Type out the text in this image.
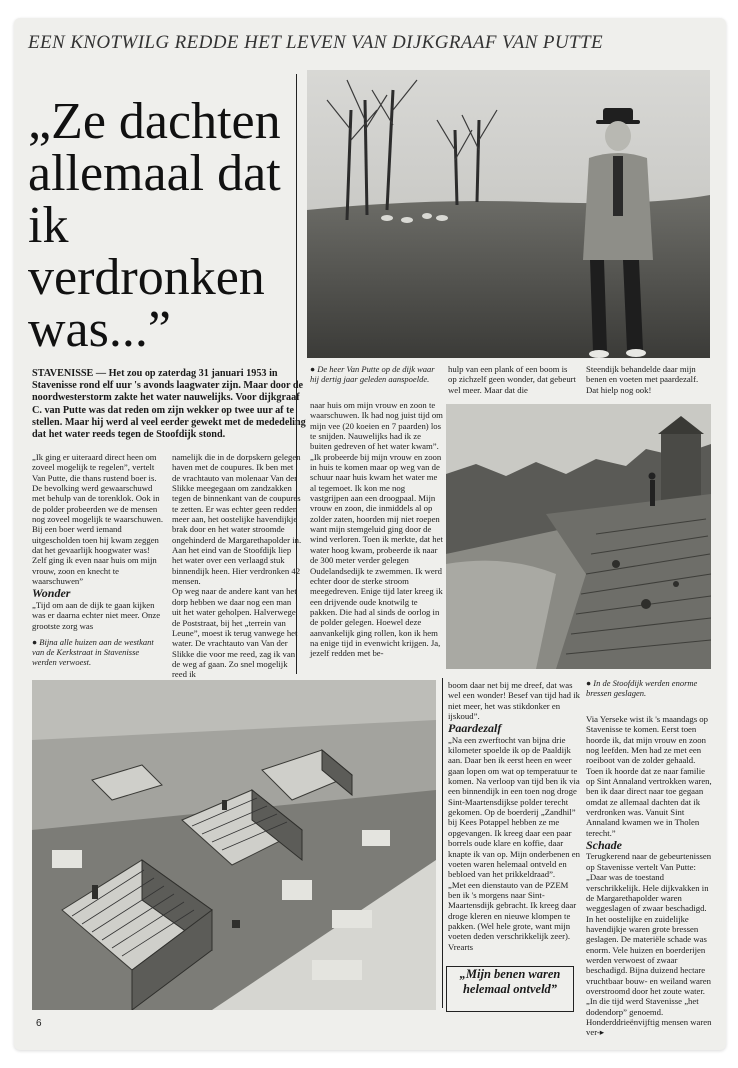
EEN KNOTWILG REDDE HET LEVEN VAN DIJKGRAAF VAN PUTTE
„Ze dachten allemaal dat ik verdronken was...”
STAVENISSE — Het zou op zaterdag 31 januari 1953 in Stavenisse rond elf uur 's avonds laagwater zijn. Maar door de noordwesterstorm zakte het water nauwelijks. Voor dijkgraaf C. van Putte was dat reden om zijn wekker op twee uur af te stellen. Maar hij werd al veel eerder gewekt met de mededeling dat het water reeds tegen de Stoofdijk stond.

„Ik ging er uiteraard direct heen om zoveel mogelijk te regelen”, vertelt Van Putte, die thans rustend boer is. De bevolking werd gewaarschuwd met behulp van de torenklok. Ook in de polder probeerden we de mensen nog zoveel mogelijk te waarschuwen. Bij een boer werd iemand uitgescholden toen hij kwam zeggen dat het gevaarlijk hoogwater was! Zelf ging ik even naar huis om mijn vrouw, zoon en knecht te waarschuwen”

Wonder

„Tijd om aan de dijk te gaan kijken was er daarna echter niet meer. Onze grootste zorg was

● Bijna alle huizen aan de westkant van de Kerkstraat in Stavenisse werden verwoest.

namelijk die in de dorpskern gelegen haven met de coupures. Ik ben met de vrachtauto van molenaar Van der Slikke meegegaan om zandzakken tegen de binnenkant van de coupures te zetten. Er was echter geen redden meer aan, het oostelijke havendijkje brak door en het water stroomde ongehinderd de Margarethapolder in. Aan het eind van de Stoofdijk liep het water over een verlaagd stuk binnendijk heen. Hier verdronken 42 mensen.

Op weg naar de andere kant van het dorp hebben we daar nog een man uit het water geholpen. Halverwege de Poststraat, bij het „terrein van Leune”, moest ik terug vanwege het water. De vrachtauto van Van der Slikke die voor me reed, zag ik van de weg af gaan. Zo snel mogelijk reed ik

● De heer Van Putte op de dijk waar hij dertig jaar geleden aanspoelde.

naar huis om mijn vrouw en zoon te waarschuwen. Ik had nog juist tijd om mijn vee (20 koeien en 7 paarden) los te snijden. Nauwelijks had ik ze buiten gedreven of het water kwam”.

„Ik probeerde bij mijn vrouw en zoon in huis te komen maar op weg van de schuur naar huis kwam het water me al tegemoet. Ik kon me nog vastgrijpen aan een droogpaal. Mijn vrouw en zoon, die inmiddels al op zolder zaten, hoorden mij niet roepen want mijn stemgeluid ging door de wind verloren. Toen ik merkte, dat het water hoog kwam, probeerde ik naar de 300 meter verder gelegen Oudelandsedijk te zwemmen. Ik werd echter door de sterke stroom meegedreven. Enige tijd later kreeg ik een drijvende oude knotwilg te pakken. Die had al sinds de oorlog in de polder gelegen. Hoewel deze aanvankelijk ging rollen, kon ik hem na enige tijd in evenwicht krijgen. Ja, jezelf redden met be-

hulp van een plank of een boom is op zichzelf geen wonder, dat gebeurt wel meer. Maar dat die
Steendijk behandelde daar mijn benen en voeten met paardezalf. Dat hielp nog ook!
● In de Stoofdijk werden enorme bressen geslagen.

boom daar net bij me dreef, dat was wel een wonder! Besef van tijd had ik niet meer, het was stikdonker en ijskoud”.

Paardezalf

„Na een zwerftocht van bijna drie kilometer spoelde ik op de Paaldijk aan. Daar ben ik eerst heen en weer gaan lopen om wat op temperatuur te komen. Na verloop van tijd ben ik via een binnendijk in een toen nog droge Sint-Maartensdijkse polder terecht gekomen. Op de boerderij „Zandhil” bij Kees Potappel hebben ze me opgevangen. Ik kreeg daar een paar borrels oude klare en koffie, daar knapte ik van op. Mijn onderbenen en voeten waren helemaal ontveld en bebloed van het prikkeldraad”.

„Met een dienstauto van de PZEM ben ik 's morgens naar Sint-Maartensdijk gebracht. Ik kreeg daar droge kleren en nieuwe klompen te pakken. (Wel hele grote, want mijn voeten deden verschrikkelijk zeer). Vrearts

Via Yerseke wist ik 's maandags op Stavenisse te komen. Eerst toen hoorde ik, dat mijn vrouw en zoon nog leefden. Men had ze met een roeiboot van de zolder gehaald. Toen ik hoorde dat ze naar familie op Sint Annaland vertrokken waren, ben ik daar direct naar toe gegaan omdat ze allemaal dachten dat ik verdronken was. Vanuit Sint Annaland kwamen we in Tholen terecht.”

Schade

Terugkerend naar de gebeurtenissen op Stavenisse vertelt Van Putte: „Daar was de toestand verschrikkelijk. Hele dijkvakken in de Margarethapolder waren weggeslagen of zwaar beschadigd. In het oostelijke en zuidelijke havendijkje waren grote bressen geslagen. De materiële schade was enorm. Vele huizen en boerderijen werden verwoest of zwaar beschadigd. Bijna duizend hectare vruchtbaar bouw- en weiland waren overstroomd door het zoute water.

„In die tijd werd Stavenisse „het dodendorp” genoemd. Honderddrieënvijftig mensen waren ver-▸

„Mijn benen waren helemaal ontveld”
6
